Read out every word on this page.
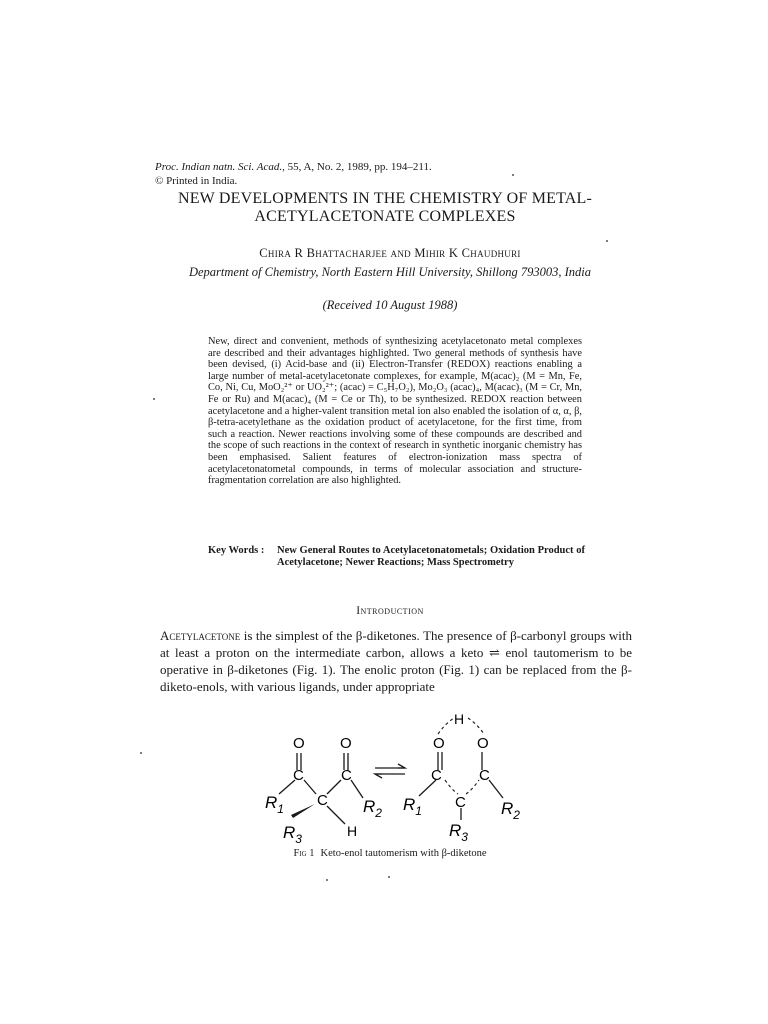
Proc. Indian natn. Sci. Acad., 55, A, No. 2, 1989, pp. 194–211.
© Printed in India.
NEW DEVELOPMENTS IN THE CHEMISTRY OF METAL-
ACETYLACETONATE COMPLEXES
Chira R Bhattacharjee and Mihir K Chaudhuri
Department of Chemistry, North Eastern Hill University, Shillong 793003, India
(Received 10 August 1988)
New, direct and convenient, methods of synthesizing acetylacetonato metal complexes are described and their advantages highlighted. Two general methods of synthesis have been devised, (i) Acid-base and (ii) Electron-Transfer (REDOX) reactions enabling a large number of metal-acetylacetonate complexes, for example, M(acac)₂ (M = Mn, Fe, Co, Ni, Cu, MoO₂²⁺ or UO₂²⁺; (acac) = C₅H₇O₂), Mo₂O₃ (acac)₄, M(acac)₃ (M = Cr, Mn, Fe or Ru) and M(acac)₄ (M = Ce or Th), to be synthesized. REDOX reaction between acetylacetone and a higher-valent transition metal ion also enabled the isolation of α, α, β, β-tetra-acetylethane as the oxidation product of acetylacetone, for the first time, from such a reaction. Newer reactions involving some of these compounds are described and the scope of such reactions in the context of research in synthetic inorganic chemistry has been emphasised. Salient features of electron-ionization mass spectra of acetylacetonatometal compounds, in terms of molecular association and structure-fragmentation correlation are also highlighted.
Key Words : New General Routes to Acetylacetonatometals; Oxidation Product of Acetylacetone; Newer Reactions; Mass Spectrometry
Introduction
Acetylacetone is the simplest of the β-diketones. The presence of β-carbonyl groups with at least a proton on the intermediate carbon, allows a keto ⇌ enol tautomerism to be operative in β-diketones (Fig. 1). The enolic proton (Fig. 1) can be replaced from the β-diketo-enols, with various ligands, under appropriate
O O
C C
C
$R_1$	$R_2$
$R_3$	H
H
O O
C C
C
$R_1$	$R_2$
$R_3$
Fig 1 Keto-enol tautomerism with β-diketone
